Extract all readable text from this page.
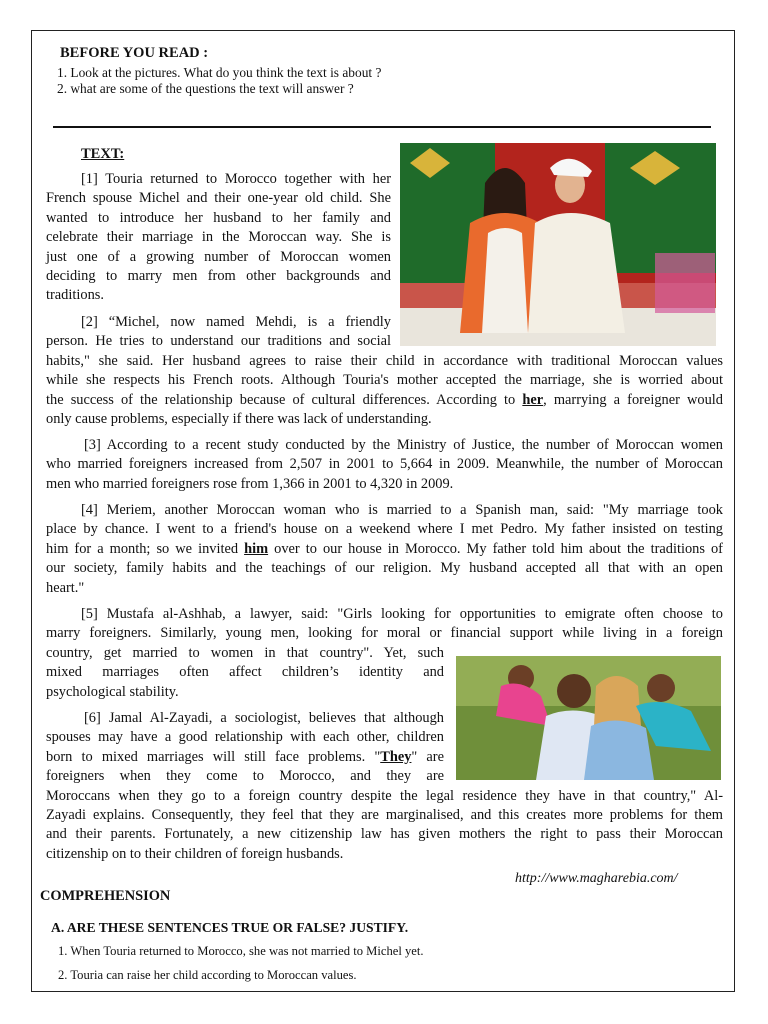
BEFORE YOU READ :
1. Look at the pictures. What do you think the text is about ?
2. what are some of the questions the text will answer ?
TEXT:
[1] Touria returned to Morocco together with her
French spouse Michel and their one-year old child. She
wanted to introduce her husband to her family and
celebrate their marriage in the Moroccan way. She is
just one of a growing number of Moroccan women
deciding to marry men from other backgrounds and
traditions.
[2] “Michel, now named Mehdi, is a friendly
person. He tries to understand our traditions and social
habits," she said. Her husband agrees to raise their child in accordance with traditional Moroccan values
while she respects his French roots. Although Touria's mother accepted the marriage, she is worried about
the success of the relationship because of cultural differences. According to her, marrying a foreigner would
only cause problems, especially if there was lack of understanding.
[3] According to a recent study conducted by the Ministry of Justice, the number of Moroccan women
who married foreigners increased from 2,507 in 2001 to 5,664 in 2009. Meanwhile, the number of Moroccan
men who married foreigners rose from 1,366 in 2001 to 4,320 in 2009.
[4] Meriem, another Moroccan woman who is married to a Spanish man, said: "My marriage took
place by chance. I went to a friend's house on a weekend where I met Pedro. My father insisted on testing
him for a month; so we invited him over to our house in Morocco. My father told him about the traditions of
our society, family habits and the teachings of our religion. My husband accepted all that with an open
heart."
[5] Mustafa al-Ashhab, a lawyer, said: "Girls looking for opportunities to emigrate often choose to
marry foreigners. Similarly, young men, looking for moral or financial support while living in a foreign
country, get married to women in that country". Yet, such
mixed marriages often affect children’s identity and
psychological stability.
[6] Jamal Al-Zayadi, a sociologist, believes that although
spouses may have a good relationship with each other, children
born to mixed marriages will still face problems. "They" are
foreigners when they come to Morocco, and they are
Moroccans when they go to a foreign country despite the legal residence they have in that country," Al-
Zayadi explains. Consequently, they feel that they are marginalised, and this creates more problems for them
and their parents. Fortunately, a new citizenship law has given mothers the right to pass their Moroccan
citizenship on to their children of foreign husbands.
http://www.magharebia.com/
COMPREHENSION
A. ARE THESE SENTENCES TRUE OR FALSE? JUSTIFY.
1. When Touria returned to Morocco, she was not married to Michel yet.
2. Touria can raise her child according to Moroccan values.
